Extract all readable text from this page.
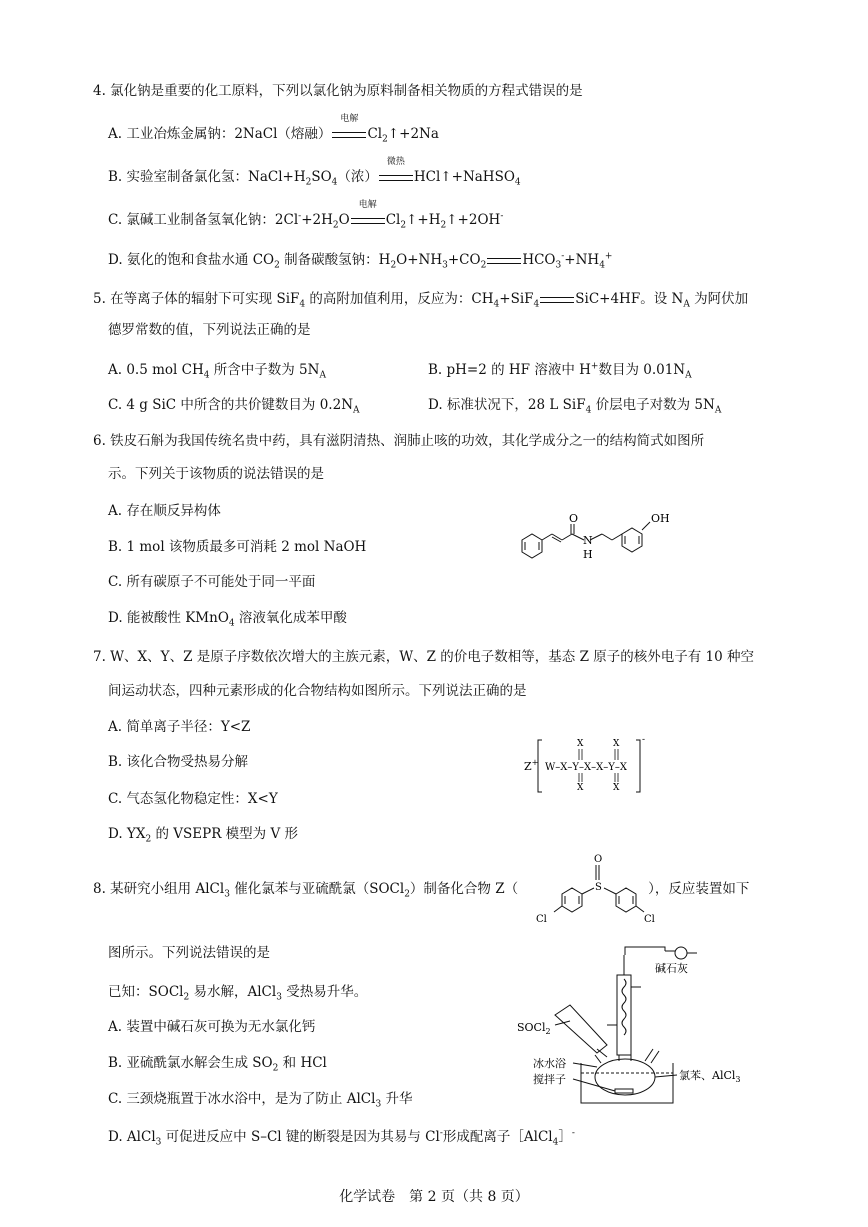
4. 氯化钠是重要的化工原料，下列以氯化钠为原料制备相关物质的方程式错误的是
A. 工业冶炼金属钠：2NaCl（熔融）
电解
$Cl_2↑+2Na$
B. 实验室制备氯化氢：$NaCl+H_2SO_4$（浓）
微热
HCl↑+NaHSO$_4$
C. 氯碱工业制备氢氧化钠：$2Cl^-+2H_2O$
电解
$Cl_2↑+H_2↑+2OH^-$
D. 氨化的饱和食盐水通 $CO_2$ 制备碳酸氢钠：$H_2O+NH_3+CO_2$	$HCO_3^-+NH_4^+$
5. 在等离子体的辐射下可实现 SiF$_4$ 的高附加值利用，反应为：$CH_4+SiF_4$	SiC+4HF。设 $N_A$ 为阿伏加
德罗常数的值，下列说法正确的是
A. 0.5 mol $CH_4$ 所含中子数为 $5N_A$	B. pH=2 的 HF 溶液中 H+数目为 $0.01N_A$
C. 4 g SiC 中所含的共价键数目为 $0.2N_A$	D. 标准状况下，28 L SiF$_4$ 价层电子对数为 $5N_A$
6. 铁皮石斛为我国传统名贵中药，具有滋阴清热、润肺止咳的功效，其化学成分之一的结构简式如图所
示。下列关于该物质的说法错误的是
A. 存在顺反异构体
B. 1 mol 该物质最多可消耗 2 mol NaOH
C. 所有碳原子不可能处于同一平面
D. 能被酸性 KMnO$_4$ 溶液氧化成苯甲酸
O
N
H
OH
7. W、X、Y、Z 是原子序数依次增大的主族元素，W、Z 的价电子数相等，基态 Z 原子的核外电子有 10 种空
间运动状态，四种元素形成的化合物结构如图所示。下列说法正确的是
A. 简单离子半径：Y<Z
B. 该化合物受热易分解
C. 气态氢化物稳定性：X<Y
D. $YX_2$ 的 VSEPR 模型为 V 形
Z+ W–X–Y–X–X–Y–X
X
X
X
X
-
8. 某研究小组用 AlCl$_3$ 催化氯苯与亚硫酰氯（SOCl$_2$）制备化合物 Z（	），反应装置如下
O
S
Cl	Cl
图所示。下列说法错误的是
已知：SOCl$_2$ 易水解，AlCl$_3$ 受热易升华。
A. 装置中碱石灰可换为无水氯化钙
B. 亚硫酰氯水解会生成 $SO_2$ 和 HCl
C. 三颈烧瓶置于冰水浴中，是为了防止 AlCl$_3$ 升华
D. AlCl$_3$ 可促进反应中 S–Cl 键的断裂是因为其易与 Cl-形成配离子［AlCl$_4$］-
碱石灰
SOCl$_2$
冰水浴
搅拌子	氯苯、AlCl$_3$
化学试卷　第 2 页（共 8 页）
